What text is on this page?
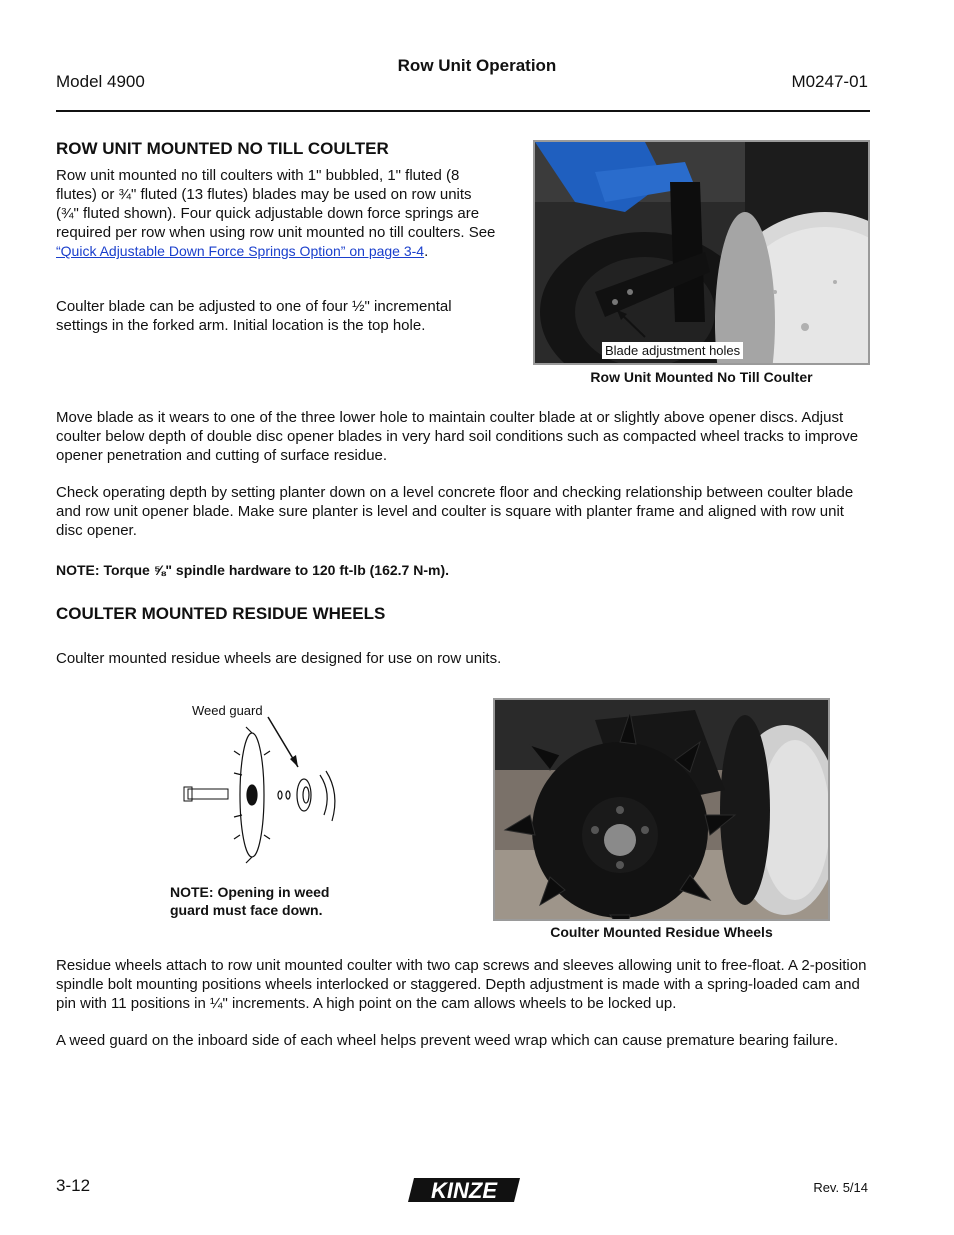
Row Unit Operation
Model 4900	M0247-01
ROW UNIT MOUNTED NO TILL COULTER

Row unit mounted no till coulters with 1" bubbled, 1" fluted (8 flutes) or ¾" fluted (13 flutes) blades may be used on row units (¾" fluted shown). Four quick adjustable down force springs are required per row when using row unit mounted no till coulters. See “Quick Adjustable Down Force Springs Option” on page 3-4.

Coulter blade can be adjusted to one of four ½" incremental settings in the forked arm. Initial location is the top hole.

Blade adjustment holes
Row Unit Mounted No Till Coulter

Move blade as it wears to one of the three lower hole to maintain coulter blade at or slightly above opener discs. Adjust coulter below depth of double disc opener blades in very hard soil conditions such as compacted wheel tracks to improve opener penetration and cutting of surface residue.

Check operating depth by setting planter down on a level concrete floor and checking relationship between coulter blade and row unit opener blade. Make sure planter is level and coulter is square with planter frame and aligned with row unit disc opener.

NOTE: Torque ⅝" spindle hardware to 120 ft-lb (162.7 N-m).
COULTER MOUNTED RESIDUE WHEELS

Coulter mounted residue wheels are designed for use on row units.

Weed guard
NOTE: Opening in weed guard must face down.
Coulter Mounted Residue Wheels

Residue wheels attach to row unit mounted coulter with two cap screws and sleeves allowing unit to free-float. A 2-position spindle bolt mounting positions wheels interlocked or staggered. Depth adjustment is made with a spring-loaded cam and pin with 11 positions in ¼" increments. A high point on the cam allows wheels to be locked up.

A weed guard on the inboard side of each wheel helps prevent weed wrap which can cause premature bearing failure.

3-12	KINZE	Rev. 5/14
